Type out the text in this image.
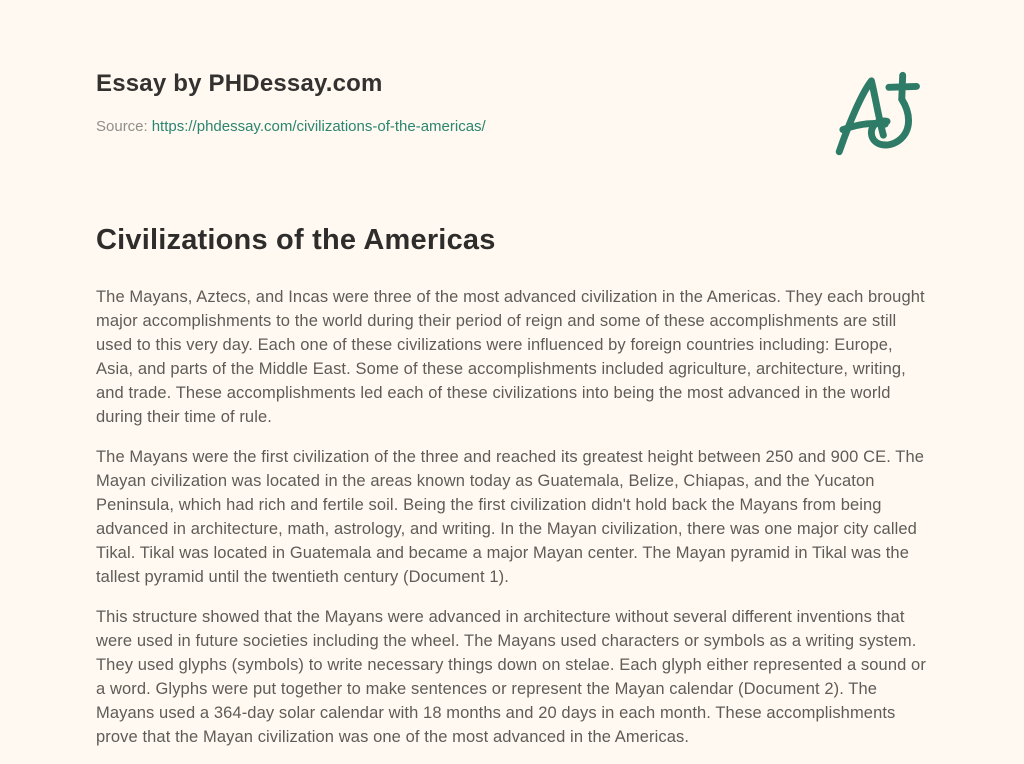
Essay by PHDessay.com
Source: https://phdessay.com/civilizations-of-the-americas/
Civilizations of the Americas

The Mayans, Aztecs, and Incas were three of the most advanced civilization in the Americas. They each brought major accomplishments to the world during their period of reign and some of these accomplishments are still used to this very day. Each one of these civilizations were influenced by foreign countries including: Europe, Asia, and parts of the Middle East. Some of these accomplishments included agriculture, architecture, writing, and trade. These accomplishments led each of these civilizations into being the most advanced in the world during their time of rule.

The Mayans were the first civilization of the three and reached its greatest height between 250 and 900 CE. The Mayan civilization was located in the areas known today as Guatemala, Belize, Chiapas, and the Yucaton Peninsula, which had rich and fertile soil. Being the first civilization didn't hold back the Mayans from being advanced in architecture, math, astrology, and writing. In the Mayan civilization, there was one major city called Tikal. Tikal was located in Guatemala and became a major Mayan center. The Mayan pyramid in Tikal was the tallest pyramid until the twentieth century (Document 1).

This structure showed that the Mayans were advanced in architecture without several different inventions that were used in future societies including the wheel. The Mayans used characters or symbols as a writing system. They used glyphs (symbols) to write necessary things down on stelae. Each glyph either represented a sound or a word. Glyphs were put together to make sentences or represent the Mayan calendar (Document 2). The Mayans used a 364-day solar calendar with 18 months and 20 days in each month. These accomplishments prove that the Mayan civilization was one of the most advanced in the Americas.
